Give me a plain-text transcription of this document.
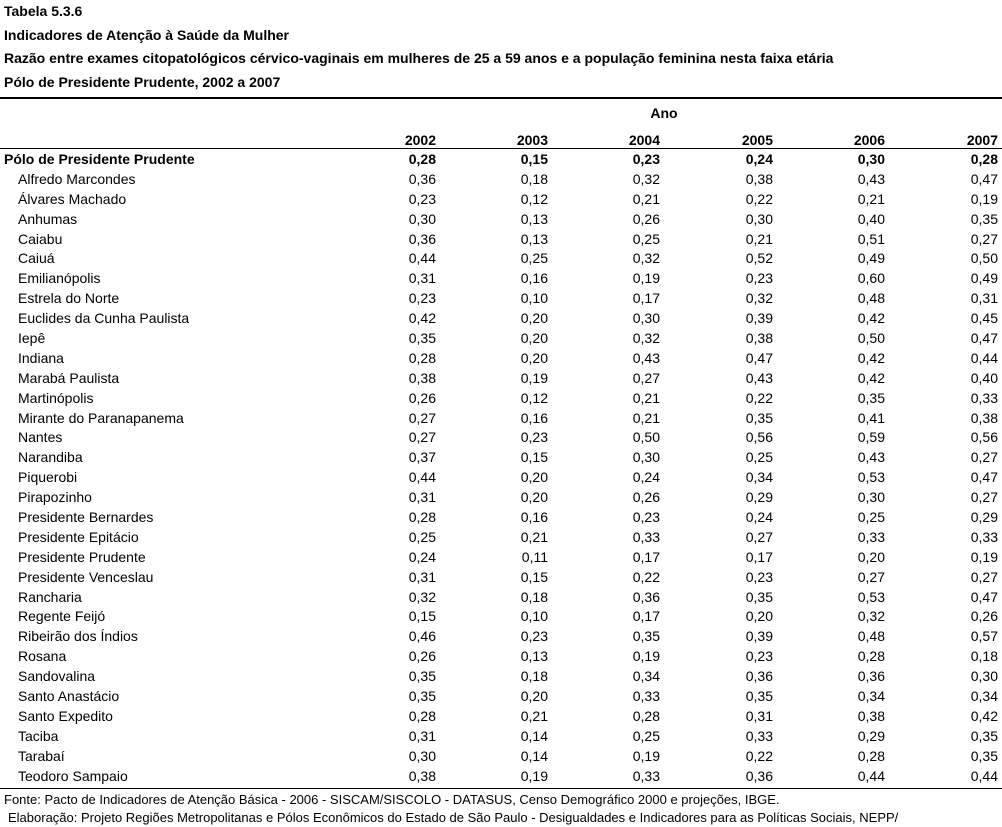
Tabela 5.3.6
Indicadores de Atenção à Saúde da Mulher
Razão entre exames citopatológicos cérvico-vaginais em mulheres de 25 a 59 anos e a população feminina nesta faixa etária
Pólo de Presidente Prudente, 2002 a 2007
Ano
2002	2003	2004	2005	2006	2007
Pólo de Presidente Prudente	0,28	0,15	0,23	0,24	0,30	0,28
Alfredo Marcondes	0,36	0,18	0,32	0,38	0,43	0,47
Álvares Machado	0,23	0,12	0,21	0,22	0,21	0,19
Anhumas	0,30	0,13	0,26	0,30	0,40	0,35
Caiabu	0,36	0,13	0,25	0,21	0,51	0,27
Caiuá	0,44	0,25	0,32	0,52	0,49	0,50
Emilianópolis	0,31	0,16	0,19	0,23	0,60	0,49
Estrela do Norte	0,23	0,10	0,17	0,32	0,48	0,31
Euclides da Cunha Paulista	0,42	0,20	0,30	0,39	0,42	0,45
Iepê	0,35	0,20	0,32	0,38	0,50	0,47
Indiana	0,28	0,20	0,43	0,47	0,42	0,44
Marabá Paulista	0,38	0,19	0,27	0,43	0,42	0,40
Martinópolis	0,26	0,12	0,21	0,22	0,35	0,33
Mirante do Paranapanema	0,27	0,16	0,21	0,35	0,41	0,38
Nantes	0,27	0,23	0,50	0,56	0,59	0,56
Narandiba	0,37	0,15	0,30	0,25	0,43	0,27
Piquerobi	0,44	0,20	0,24	0,34	0,53	0,47
Pirapozinho	0,31	0,20	0,26	0,29	0,30	0,27
Presidente Bernardes	0,28	0,16	0,23	0,24	0,25	0,29
Presidente Epitácio	0,25	0,21	0,33	0,27	0,33	0,33
Presidente Prudente	0,24	0,11	0,17	0,17	0,20	0,19
Presidente Venceslau	0,31	0,15	0,22	0,23	0,27	0,27
Rancharia	0,32	0,18	0,36	0,35	0,53	0,47
Regente Feijó	0,15	0,10	0,17	0,20	0,32	0,26
Ribeirão dos Índios	0,46	0,23	0,35	0,39	0,48	0,57
Rosana	0,26	0,13	0,19	0,23	0,28	0,18
Sandovalina	0,35	0,18	0,34	0,36	0,36	0,30
Santo Anastácio	0,35	0,20	0,33	0,35	0,34	0,34
Santo Expedito	0,28	0,21	0,28	0,31	0,38	0,42
Taciba	0,31	0,14	0,25	0,33	0,29	0,35
Tarabaí	0,30	0,14	0,19	0,22	0,28	0,35
Teodoro Sampaio	0,38	0,19	0,33	0,36	0,44	0,44
Fonte: Pacto de Indicadores de Atenção Básica - 2006 - SISCAM/SISCOLO - DATASUS, Censo Demográfico 2000 e projeções, IBGE.
Elaboração: Projeto Regiões Metropolitanas e Pólos Econômicos do Estado de São Paulo - Desigualdades e Indicadores para as Políticas Sociais, NEPP/
